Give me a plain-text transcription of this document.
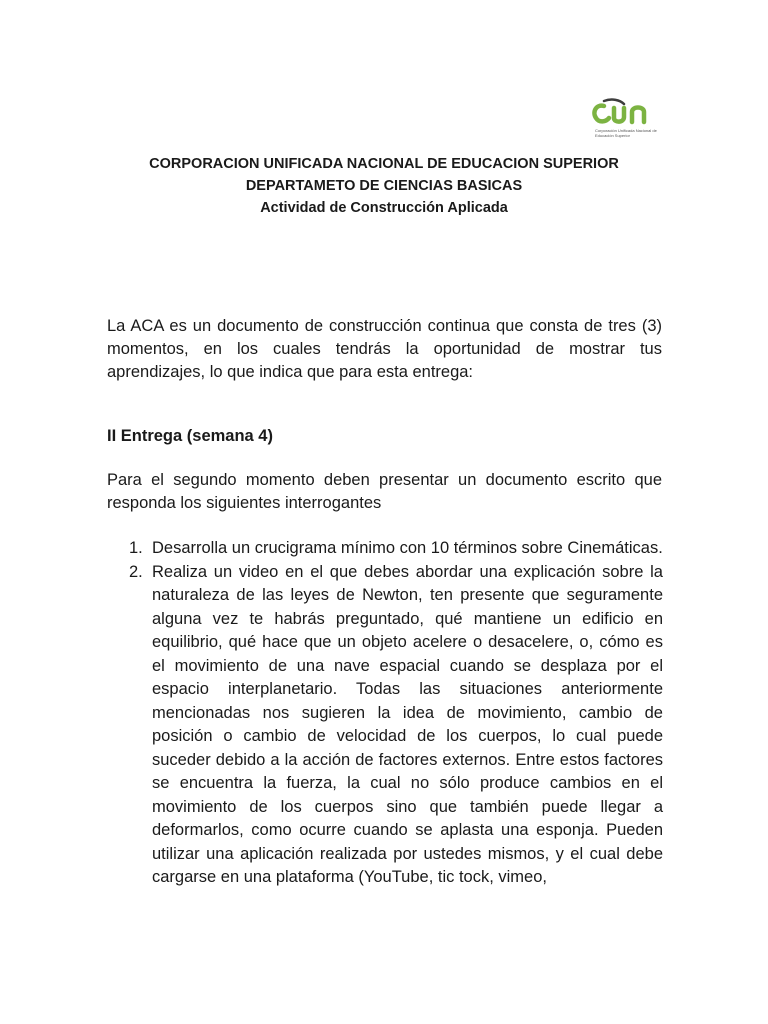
Corporación Unificada Nacional de Educación Superior
CORPORACION UNIFICADA NACIONAL DE EDUCACION SUPERIOR
DEPARTAMETO DE CIENCIAS BASICAS
Actividad de Construcción Aplicada

La ACA es un documento de construcción continua que consta de tres (3) momentos, en los cuales tendrás la oportunidad de mostrar tus aprendizajes, lo que indica que para esta entrega:

II Entrega (semana 4)

Para el segundo momento deben presentar un documento escrito que responda los siguientes interrogantes

1. Desarrolla un crucigrama mínimo con 10 términos sobre Cinemáticas.
2. Realiza un video en el que debes abordar una explicación sobre la naturaleza de las leyes de Newton, ten presente que seguramente alguna vez te habrás preguntado, qué mantiene un edificio en equilibrio, qué hace que un objeto acelere o desacelere, o, cómo es el movimiento de una nave espacial cuando se desplaza por el espacio interplanetario. Todas las situaciones anteriormente mencionadas nos sugieren la idea de movimiento, cambio de posición o cambio de velocidad de los cuerpos, lo cual puede suceder debido a la acción de factores externos. Entre estos factores se encuentra la fuerza, la cual no sólo produce cambios en el movimiento de los cuerpos sino que también puede llegar a deformarlos, como ocurre cuando se aplasta una esponja. Pueden utilizar una aplicación realizada por ustedes mismos, y el cual debe cargarse en una plataforma (YouTube, tic tock, vimeo,
